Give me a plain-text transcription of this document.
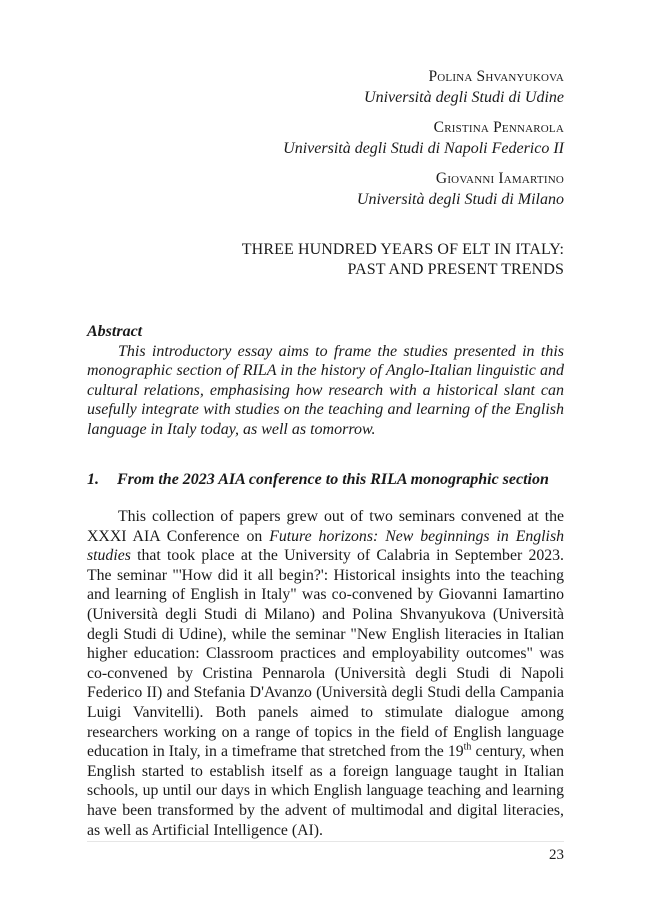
Polina Shvanyukova
Università degli Studi di Udine
Cristina Pennarola
Università degli Studi di Napoli Federico II
Giovanni Iamartino
Università degli Studi di Milano
THREE HUNDRED YEARS OF ELT IN ITALY:
PAST AND PRESENT TRENDS
Abstract

This introductory essay aims to frame the studies presented in this monographic section of RILA in the history of Anglo-Italian linguistic and cultural relations, emphasising how research with a historical slant can usefully integrate with studies on the teaching and learning of the English language in Italy today, as well as tomorrow.

1. From the 2023 AIA conference to this RILA monographic section

This collection of papers grew out of two seminars convened at the XXXI AIA Conference on Future horizons: New beginnings in English studies that took place at the University of Calabria in September 2023. The seminar "'How did it all begin?': Historical insights into the teaching and learning of English in Italy" was co-convened by Giovanni Iamartino (Università degli Studi di Milano) and Polina Shvanyukova (Università degli Studi di Udine), while the seminar "New English literacies in Italian higher education: Classroom practices and employability outcomes" was co-convened by Cristina Pennarola (Università degli Studi di Napoli Federico II) and Stefania D'Avanzo (Università degli Studi della Campania Luigi Vanvitelli). Both panels aimed to stimulate dialogue among researchers working on a range of topics in the field of English language education in Italy, in a timeframe that stretched from the 19th century, when English started to establish itself as a foreign language taught in Italian schools, up until our days in which English language teaching and learning have been transformed by the advent of multimodal and digital literacies, as well as Artificial Intelligence (AI).

23
